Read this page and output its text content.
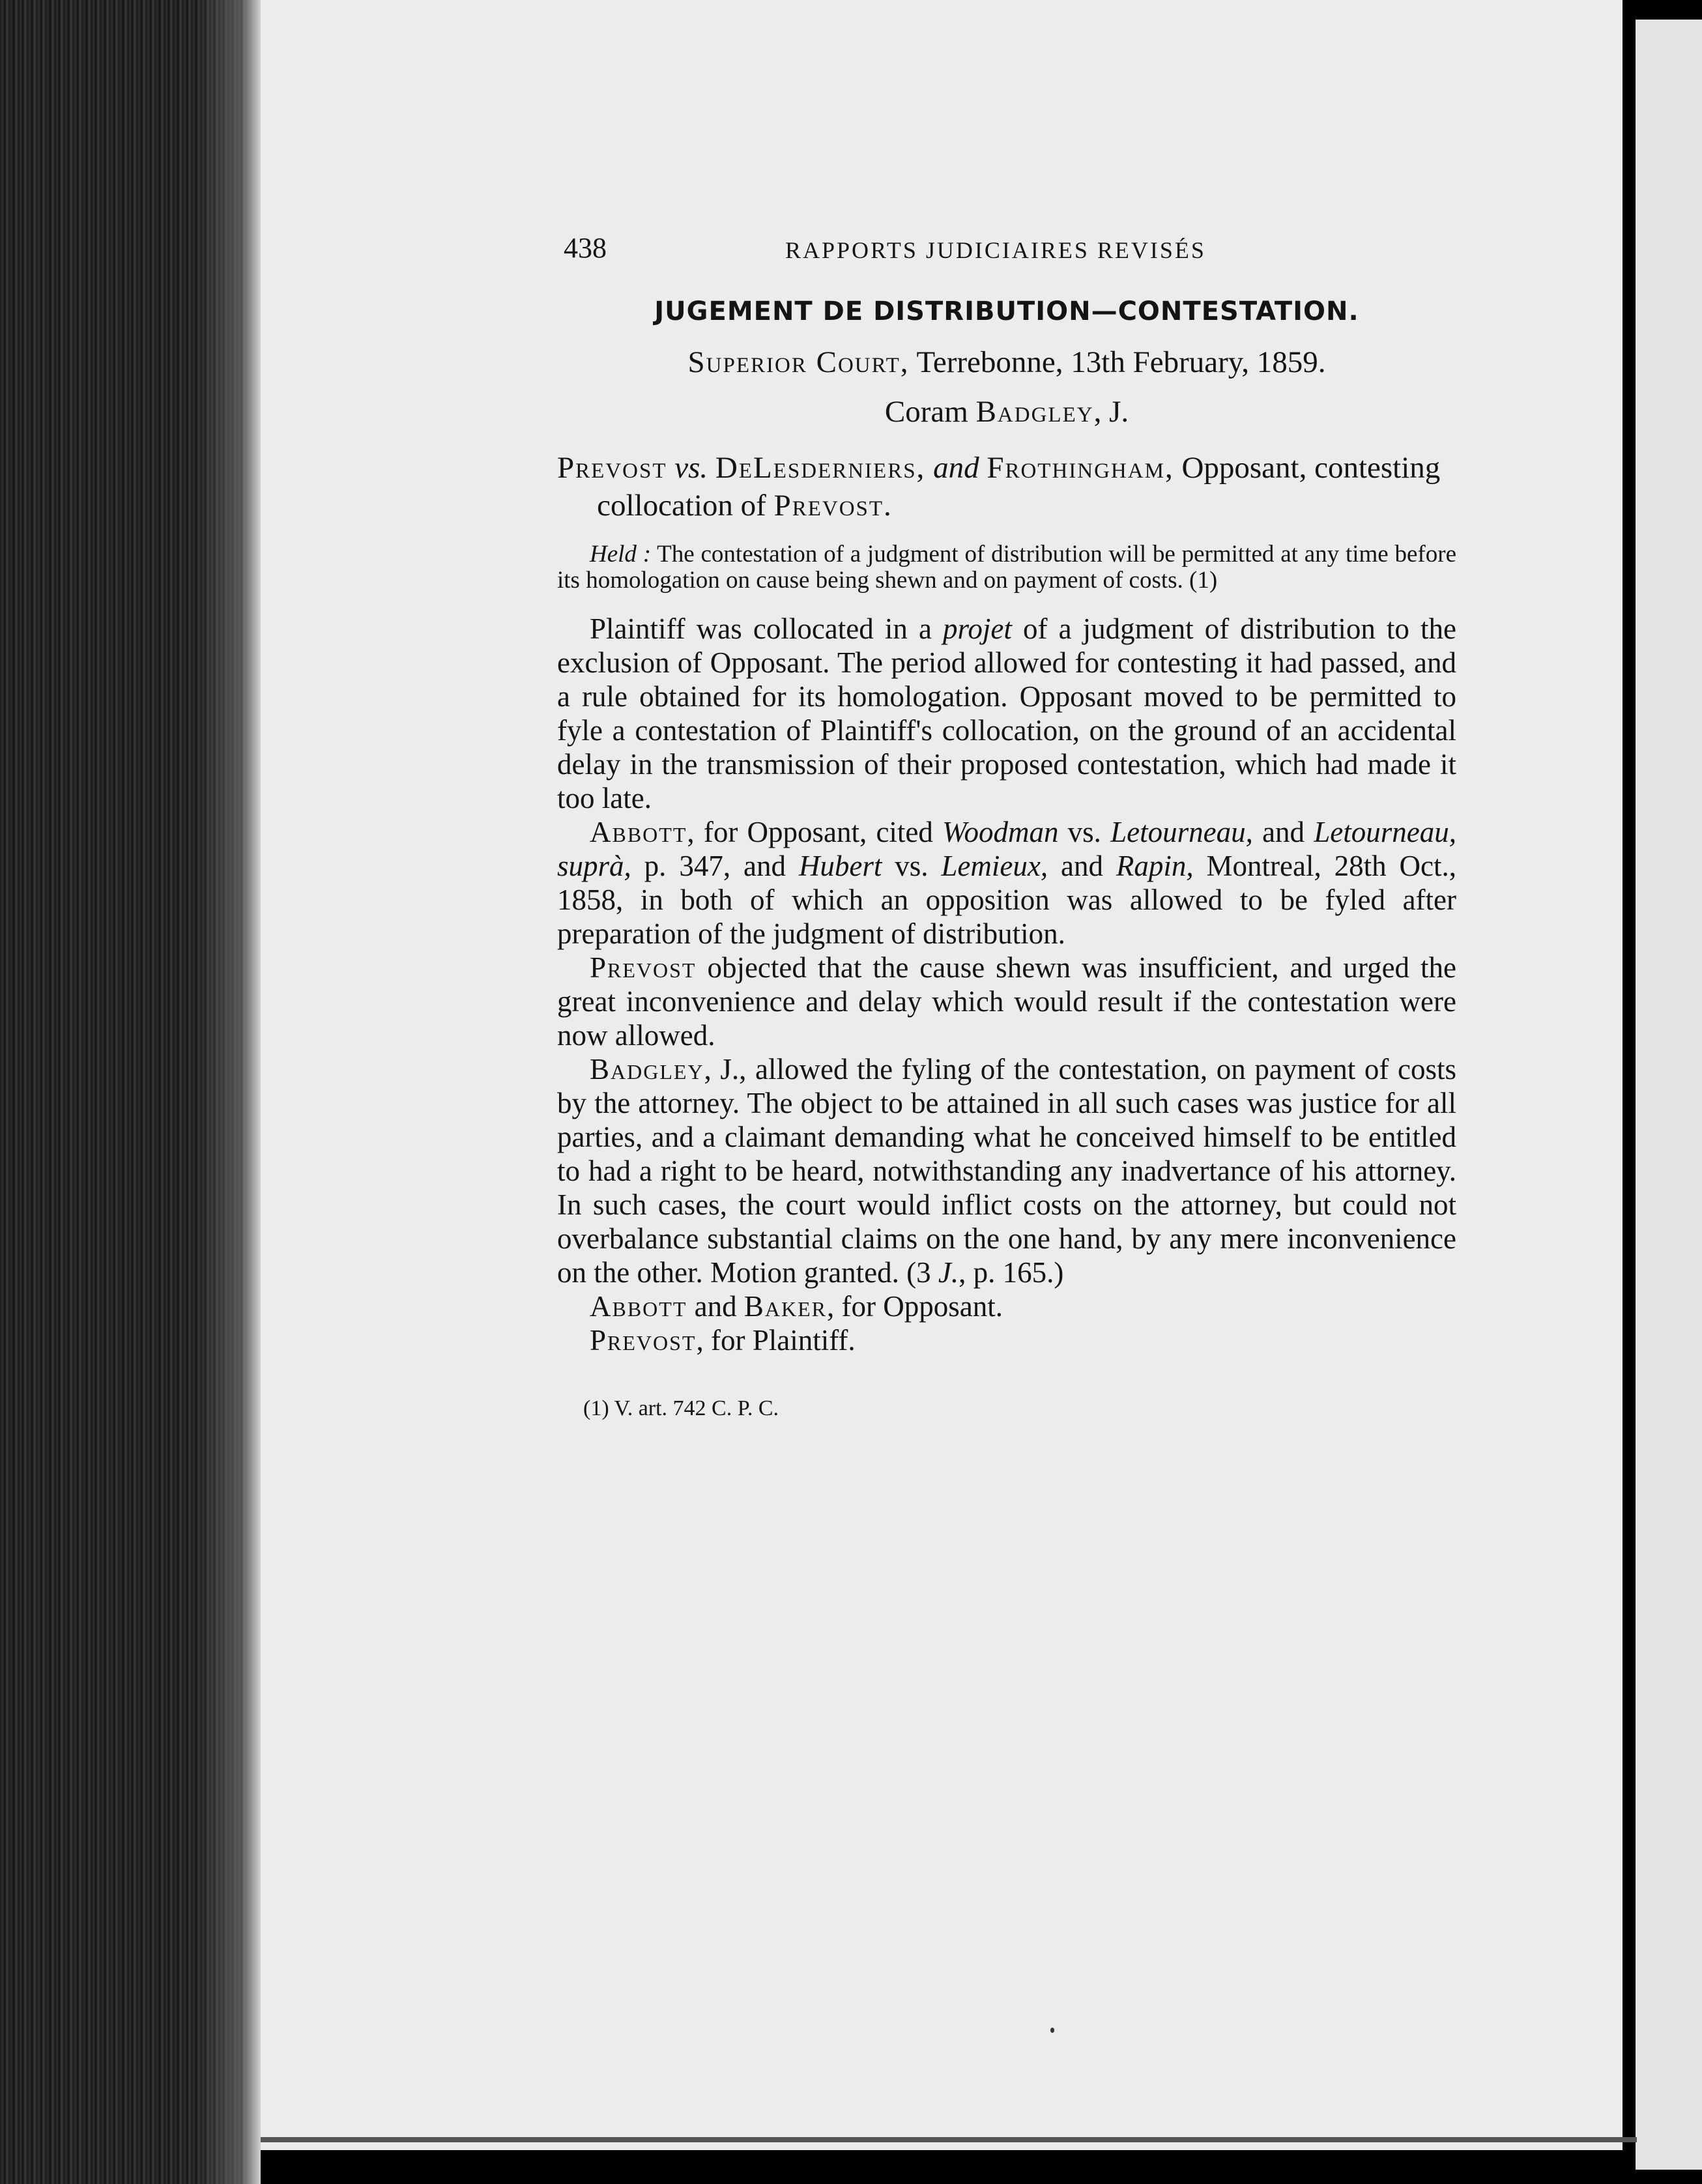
438	RAPPORTS JUDICIAIRES REVISÉS
JUGEMENT DE DISTRIBUTION—CONTESTATION.
Superior Court, Terrebonne, 13th February, 1859.
Coram Badgley, J.
Prevost vs. DeLesderniers, and Frothingham, Opposant, contesting collocation of Prevost.
Held : The contestation of a judgment of distribution will be permitted at any time before its homologation on cause being shewn and on payment of costs. (1)

Plaintiff was collocated in a projet of a judgment of distribution to the exclusion of Opposant. The period allowed for contesting it had passed, and a rule obtained for its homologation. Opposant moved to be permitted to fyle a contestation of Plaintiff's collocation, on the ground of an accidental delay in the transmission of their proposed contestation, which had made it too late.

Abbott, for Opposant, cited Woodman vs. Letourneau, and Letourneau, suprà, p. 347, and Hubert vs. Lemieux, and Rapin, Montreal, 28th Oct., 1858, in both of which an opposition was allowed to be fyled after preparation of the judgment of distribution.

Prevost objected that the cause shewn was insufficient, and urged the great inconvenience and delay which would result if the contestation were now allowed.

Badgley, J., allowed the fyling of the contestation, on payment of costs by the attorney. The object to be attained in all such cases was justice for all parties, and a claimant demanding what he conceived himself to be entitled to had a right to be heard, notwithstanding any inadvertance of his attorney. In such cases, the court would inflict costs on the attorney, but could not overbalance substantial claims on the one hand, by any mere inconvenience on the other. Motion granted. (3 J., p. 165.)

Abbott and Baker, for Opposant.
Prevost, for Plaintiff.
(1) V. art. 742 C. P. C.
